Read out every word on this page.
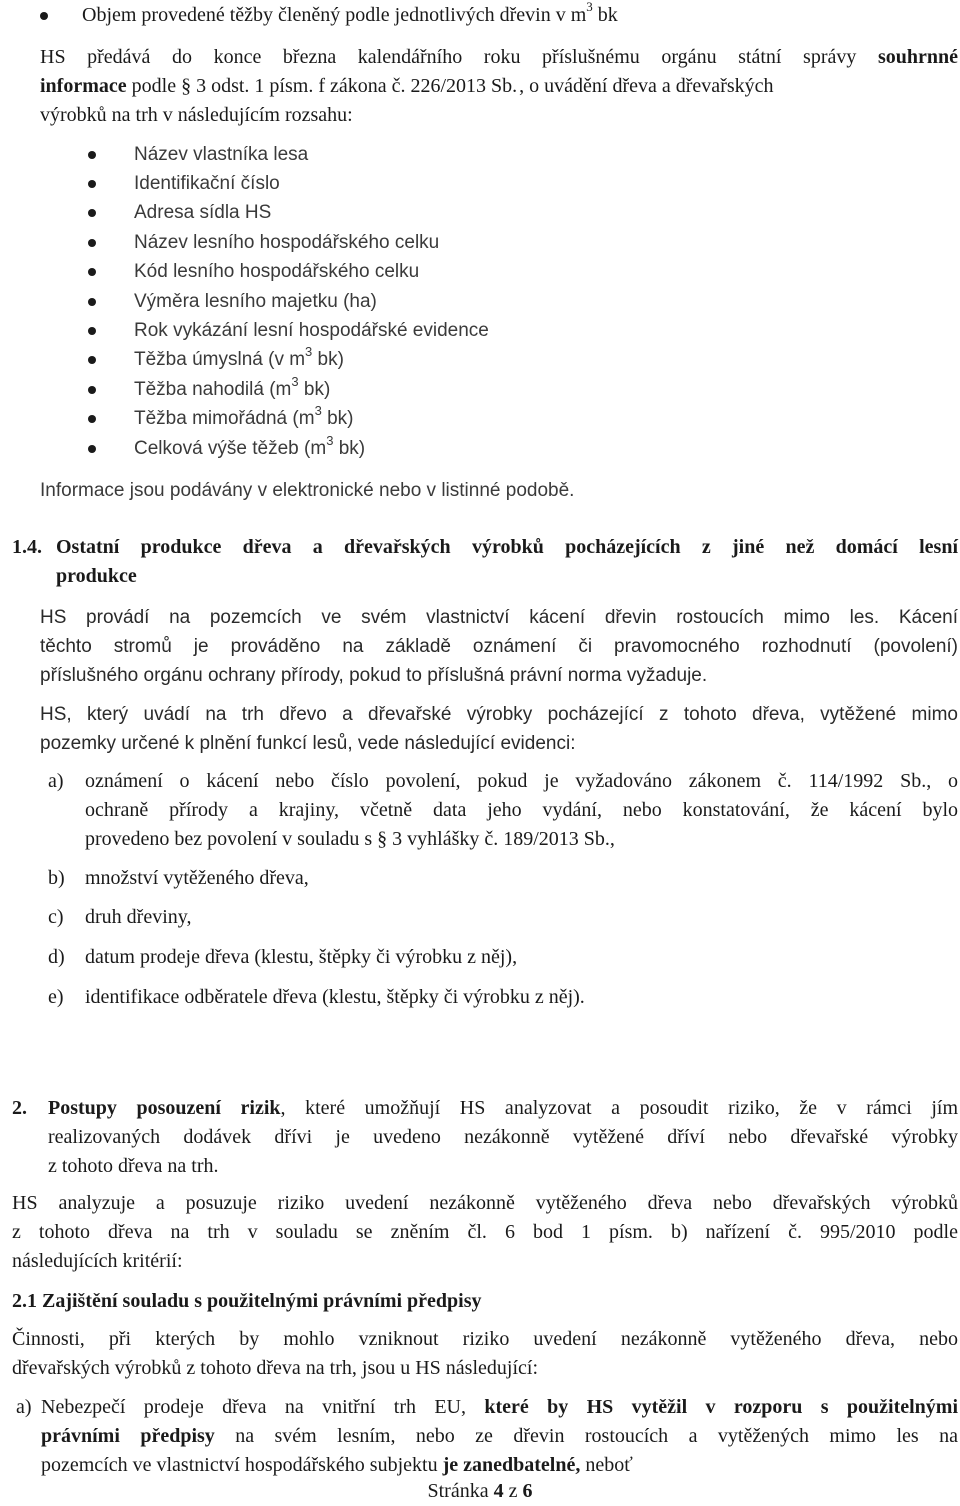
Objem provedené těžby členěný podle jednotlivých dřevin v $m^3$ bk
HS předává do konce března kalendářního roku příslušnému orgánu státní správy souhrnné
informace podle § 3 odst. 1 písm. f zákona č. 226/2013 Sb. , o uvádění dřeva a dřevařských
výrobků na trh v následujícím rozsahu:
Název vlastníka lesa
Identifikační číslo
Adresa sídla HS
Název lesního hospodářského celku
Kód lesního hospodářského celku
Výměra lesního majetku (ha)
Rok vykázání lesní hospodářské evidence
Těžba úmyslná (v $m^3$ bk)
Těžba nahodilá ($m^3$ bk)
Těžba mimořádná ($m^3$ bk)
Celková výše těžeb ($m^3$ bk)
Informace jsou podávány v elektronické nebo v listinné podobě.
1.4. Ostatní produkce dřeva a dřevařských výrobků pocházejících z jiné než domácí lesní
produkce
HS provádí na pozemcích ve svém vlastnictví kácení dřevin rostoucích mimo les. Kácení
těchto stromů je prováděno na základě oznámení či pravomocného rozhodnutí (povolení)
příslušného orgánu ochrany přírody, pokud to příslušná právní norma vyžaduje.
HS, který uvádí na trh dřevo a dřevařské výrobky pocházející z tohoto dřeva, vytěžené mimo
pozemky určené k plnění funkcí lesů, vede následující evidenci:
a) oznámení o kácení nebo číslo povolení, pokud je vyžadováno zákonem č. 114/1992 Sb., o
ochraně přírody a krajiny, včetně data jeho vydání, nebo konstatování, že kácení bylo
provedeno bez povolení v souladu s § 3 vyhlášky č. 189/2013 Sb.,
b) množství vytěženého dřeva,
c) druh dřeviny,
d) datum prodeje dřeva (klestu, štěpky či výrobku z něj),
e) identifikace odběratele dřeva (klestu, štěpky či výrobku z něj).
2. Postupy posouzení rizik, které umožňují HS analyzovat a posoudit riziko, že v rámci jím
realizovaných dodávek dřívi je uvedeno nezákonně vytěžené dříví nebo dřevařské výrobky
z tohoto dřeva na trh.
HS analyzuje a posuzuje riziko uvedení nezákonně vytěženého dřeva nebo dřevařských výrobků
z tohoto dřeva na trh v souladu se zněním čl. 6 bod 1 písm. b) nařízení č. 995/2010 podle
následujících kritérií:
2.1 Zajištění souladu s použitelnými právními předpisy
Činnosti, při kterých by mohlo vzniknout riziko uvedení nezákonně vytěženého dřeva, nebo
dřevařských výrobků z tohoto dřeva na trh, jsou u HS následující:
a) Nebezpečí prodeje dřeva na vnitřní trh EU, které by HS vytěžil v rozporu s použitelnými
právními předpisy na svém lesním, nebo ze dřevin rostoucích a vytěžených mimo les na
pozemcích ve vlastnictví hospodářského subjektu je zanedbatelné, neboť
Stránka 4 z 6
